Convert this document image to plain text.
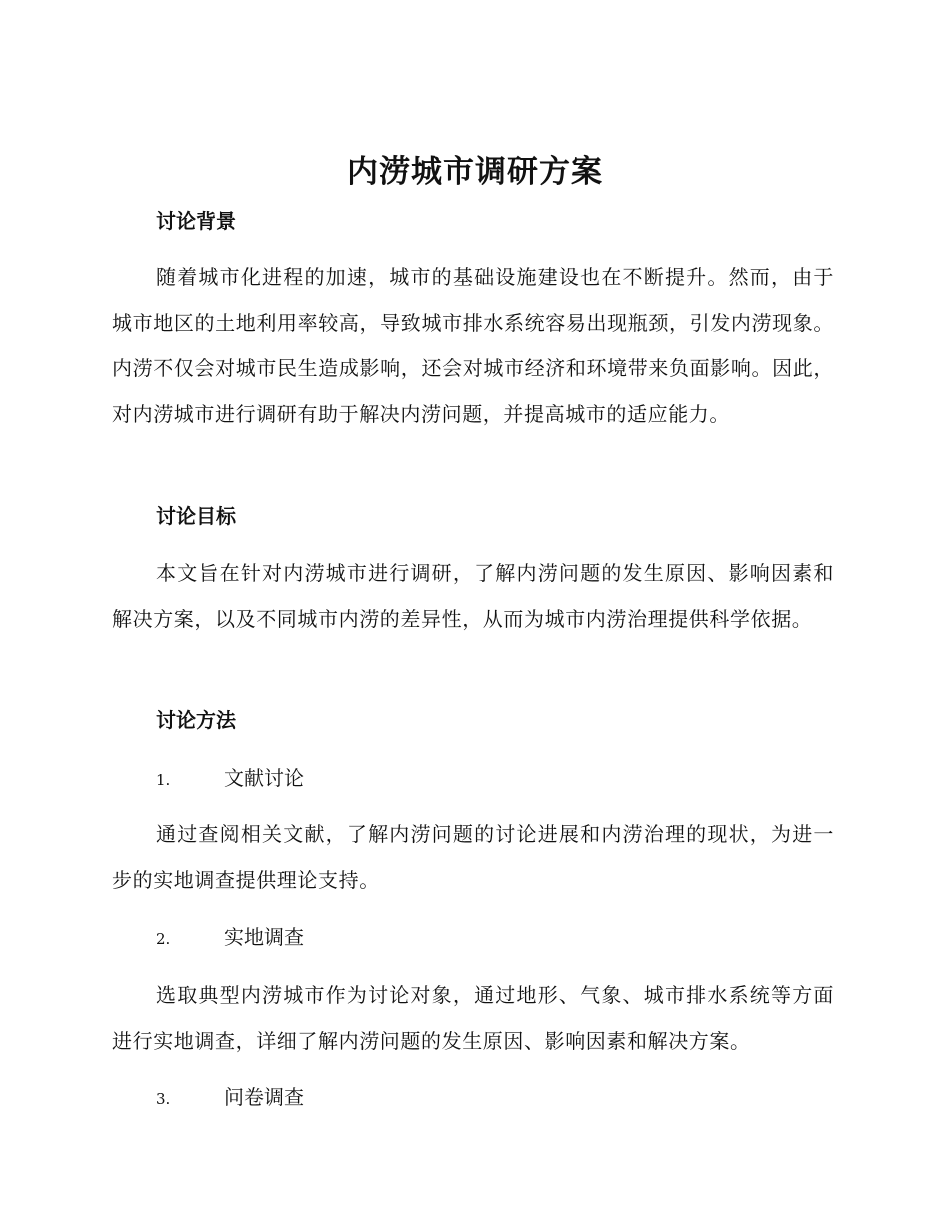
内涝城市调研方案
讨论背景

随着城市化进程的加速，城市的基础设施建设也在不断提升。然而，由于城市地区的土地利用率较高，导致城市排水系统容易出现瓶颈，引发内涝现象。内涝不仅会对城市民生造成影响，还会对城市经济和环境带来负面影响。因此，对内涝城市进行调研有助于解决内涝问题，并提高城市的适应能力。

讨论目标

本文旨在针对内涝城市进行调研，了解内涝问题的发生原因、影响因素和解决方案，以及不同城市内涝的差异性，从而为城市内涝治理提供科学依据。

讨论方法
1.	文献讨论

通过查阅相关文献，了解内涝问题的讨论进展和内涝治理的现状，为进一步的实地调查提供理论支持。

2.	实地调查

选取典型内涝城市作为讨论对象，通过地形、气象、城市排水系统等方面进行实地调查，详细了解内涝问题的发生原因、影响因素和解决方案。

3.	问卷调查
